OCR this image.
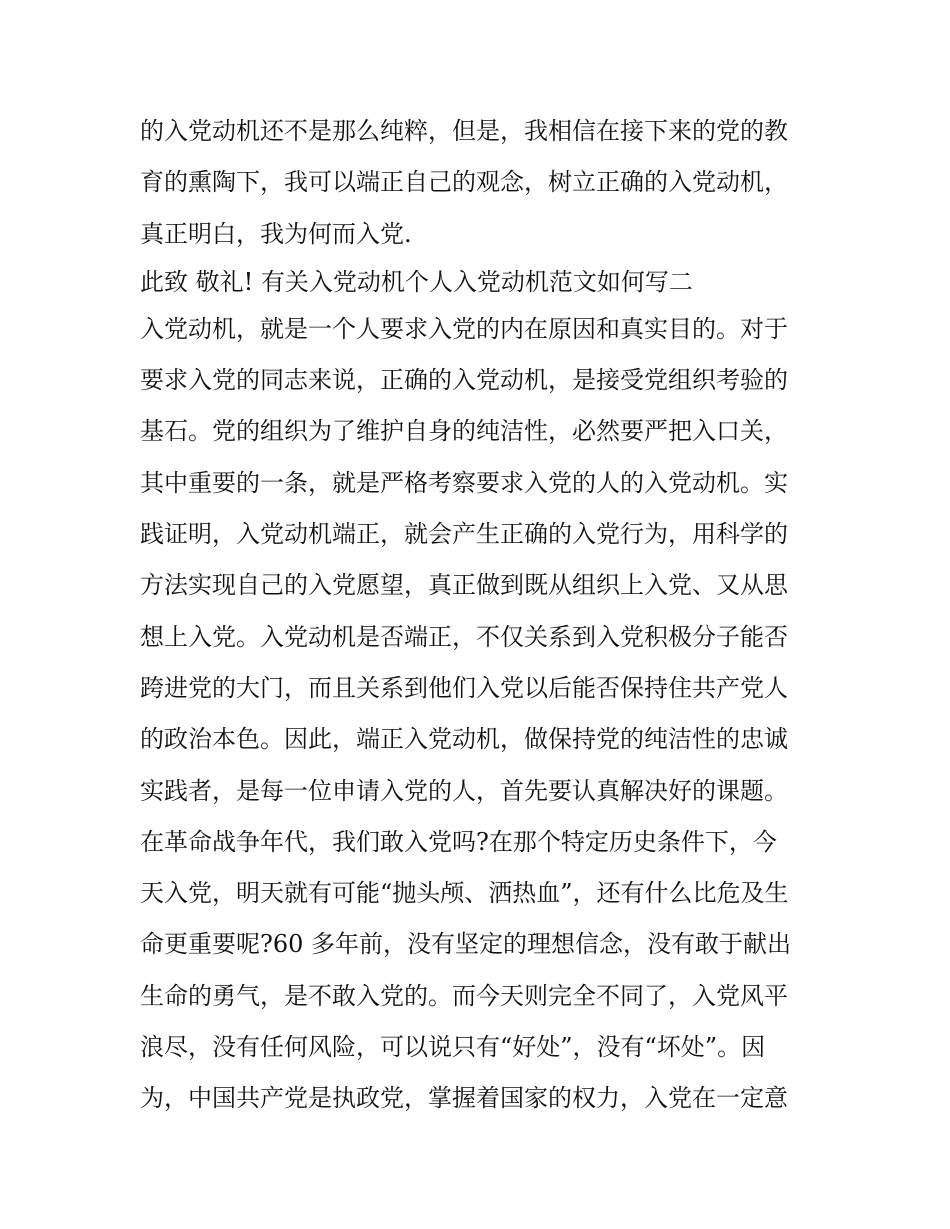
的入党动机还不是那么纯粹，但是，我相信在接下来的党的教
育的熏陶下，我可以端正自己的观念，树立正确的入党动机，
真正明白，我为何而入党.
此致 敬礼! 有关入党动机个人入党动机范文如何写二
入党动机，就是一个人要求入党的内在原因和真实目的。对于
要求入党的同志来说，正确的入党动机，是接受党组织考验的
基石。党的组织为了维护自身的纯洁性，必然要严把入口关，
其中重要的一条，就是严格考察要求入党的人的入党动机。实
践证明，入党动机端正，就会产生正确的入党行为，用科学的
方法实现自己的入党愿望，真正做到既从组织上入党、又从思
想上入党。入党动机是否端正，不仅关系到入党积极分子能否
跨进党的大门，而且关系到他们入党以后能否保持住共产党人
的政治本色。因此，端正入党动机，做保持党的纯洁性的忠诚
实践者，是每一位申请入党的人，首先要认真解决好的课题。
在革命战争年代，我们敢入党吗?在那个特定历史条件下，今
天入党，明天就有可能“抛头颅、洒热血”，还有什么比危及生
命更重要呢?60 多年前，没有坚定的理想信念，没有敢于献出
生命的勇气，是不敢入党的。而今天则完全不同了，入党风平
浪尽，没有任何风险，可以说只有“好处”，没有“坏处”。因
为，中国共产党是执政党，掌握着国家的权力，入党在一定意
